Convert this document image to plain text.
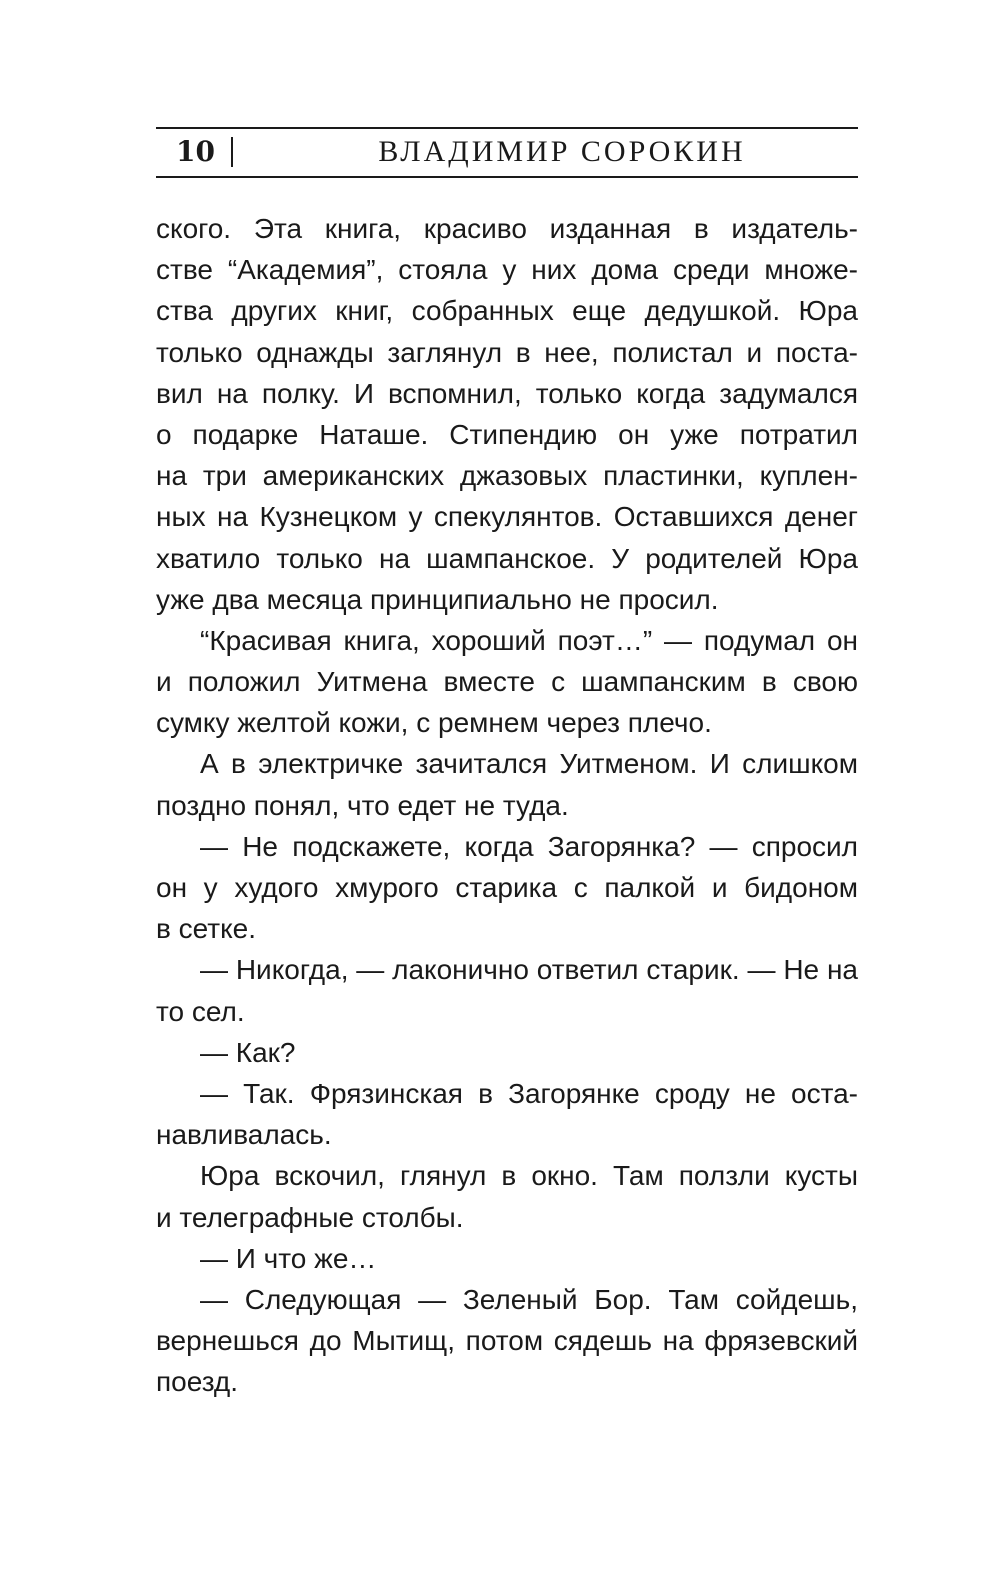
10	ВЛАДИМИР СОРОКИН
ского. Эта книга, красиво изданная в издатель-
стве “Академия”, стояла у них дома среди множе-
ства других книг, собранных еще дедушкой. Юра
только однажды заглянул в нее, полистал и поста-
вил на полку. И вспомнил, только когда задумался
о подарке Наташе. Стипендию он уже потратил
на три американских джазовых пластинки, куплен-
ных на Кузнецком у спекулянтов. Оставшихся денег
хватило только на шампанское. У родителей Юра
уже два месяца принципиально не просил.
“Красивая книга, хороший поэт…” — подумал он
и положил Уитмена вместе с шампанским в свою
сумку желтой кожи, с ремнем через плечо.
А в электричке зачитался Уитменом. И слишком
поздно понял, что едет не туда.
— Не подскажете, когда Загорянка? — спросил
он у худого хмурого старика с палкой и бидоном
в сетке.
— Никогда, — лаконично ответил старик. — Не на
то сел.
— Как?
— Так. Фрязинская в Загорянке сроду не оста-
навливалась.
Юра вскочил, глянул в окно. Там ползли кусты
и телеграфные столбы.
— И что же…
— Следующая — Зеленый Бор. Там сойдешь,
вернешься до Мытищ, потом сядешь на фрязевский
поезд.
